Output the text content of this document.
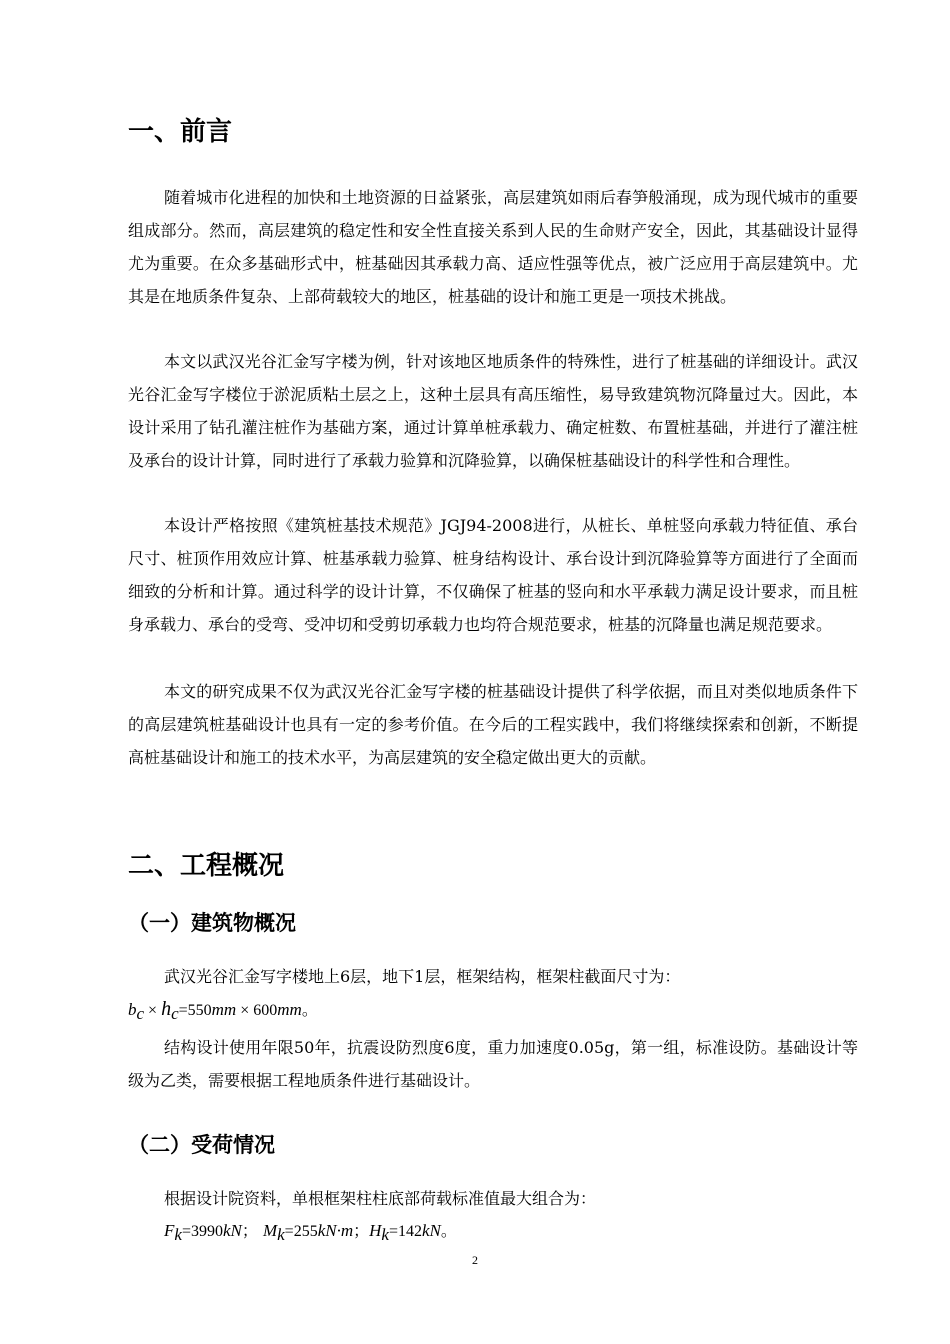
一、前言

随着城市化进程的加快和土地资源的日益紧张，高层建筑如雨后春笋般涌现，成为现代城市的重要组成部分。然而，高层建筑的稳定性和安全性直接关系到人民的生命财产安全，因此，其基础设计显得尤为重要。在众多基础形式中，桩基础因其承载力高、适应性强等优点，被广泛应用于高层建筑中。尤其是在地质条件复杂、上部荷载较大的地区，桩基础的设计和施工更是一项技术挑战。

本文以武汉光谷汇金写字楼为例，针对该地区地质条件的特殊性，进行了桩基础的详细设计。武汉光谷汇金写字楼位于淤泥质粘土层之上，这种土层具有高压缩性，易导致建筑物沉降量过大。因此，本设计采用了钻孔灌注桩作为基础方案，通过计算单桩承载力、确定桩数、布置桩基础，并进行了灌注桩及承台的设计计算，同时进行了承载力验算和沉降验算，以确保桩基础设计的科学性和合理性。

本设计严格按照《建筑桩基技术规范》JGJ94-2008进行，从桩长、单桩竖向承载力特征值、承台尺寸、桩顶作用效应计算、桩基承载力验算、桩身结构设计、承台设计到沉降验算等方面进行了全面而细致的分析和计算。通过科学的设计计算，不仅确保了桩基的竖向和水平承载力满足设计要求，而且桩身承载力、承台的受弯、受冲切和受剪切承载力也均符合规范要求，桩基的沉降量也满足规范要求。

本文的研究成果不仅为武汉光谷汇金写字楼的桩基础设计提供了科学依据，而且对类似地质条件下的高层建筑桩基础设计也具有一定的参考价值。在今后的工程实践中，我们将继续探索和创新，不断提高桩基础设计和施工的技术水平，为高层建筑的安全稳定做出更大的贡献。

二、工程概况
（一）建筑物概况

武汉光谷汇金写字楼地上6层，地下1层，框架结构，框架柱截面尺寸为：

$b_c \times h_c=550mm \times 600mm$。

结构设计使用年限50年，抗震设防烈度6度，重力加速度0.05g，第一组，标准设防。基础设计等级为乙类，需要根据工程地质条件进行基础设计。

（二）受荷情况

根据设计院资料，单根框架柱柱底部荷载标准值最大组合为：

$F_k=3990kN$； $M_k=255kN\cdot m$；$H_k=142kN$。
2
